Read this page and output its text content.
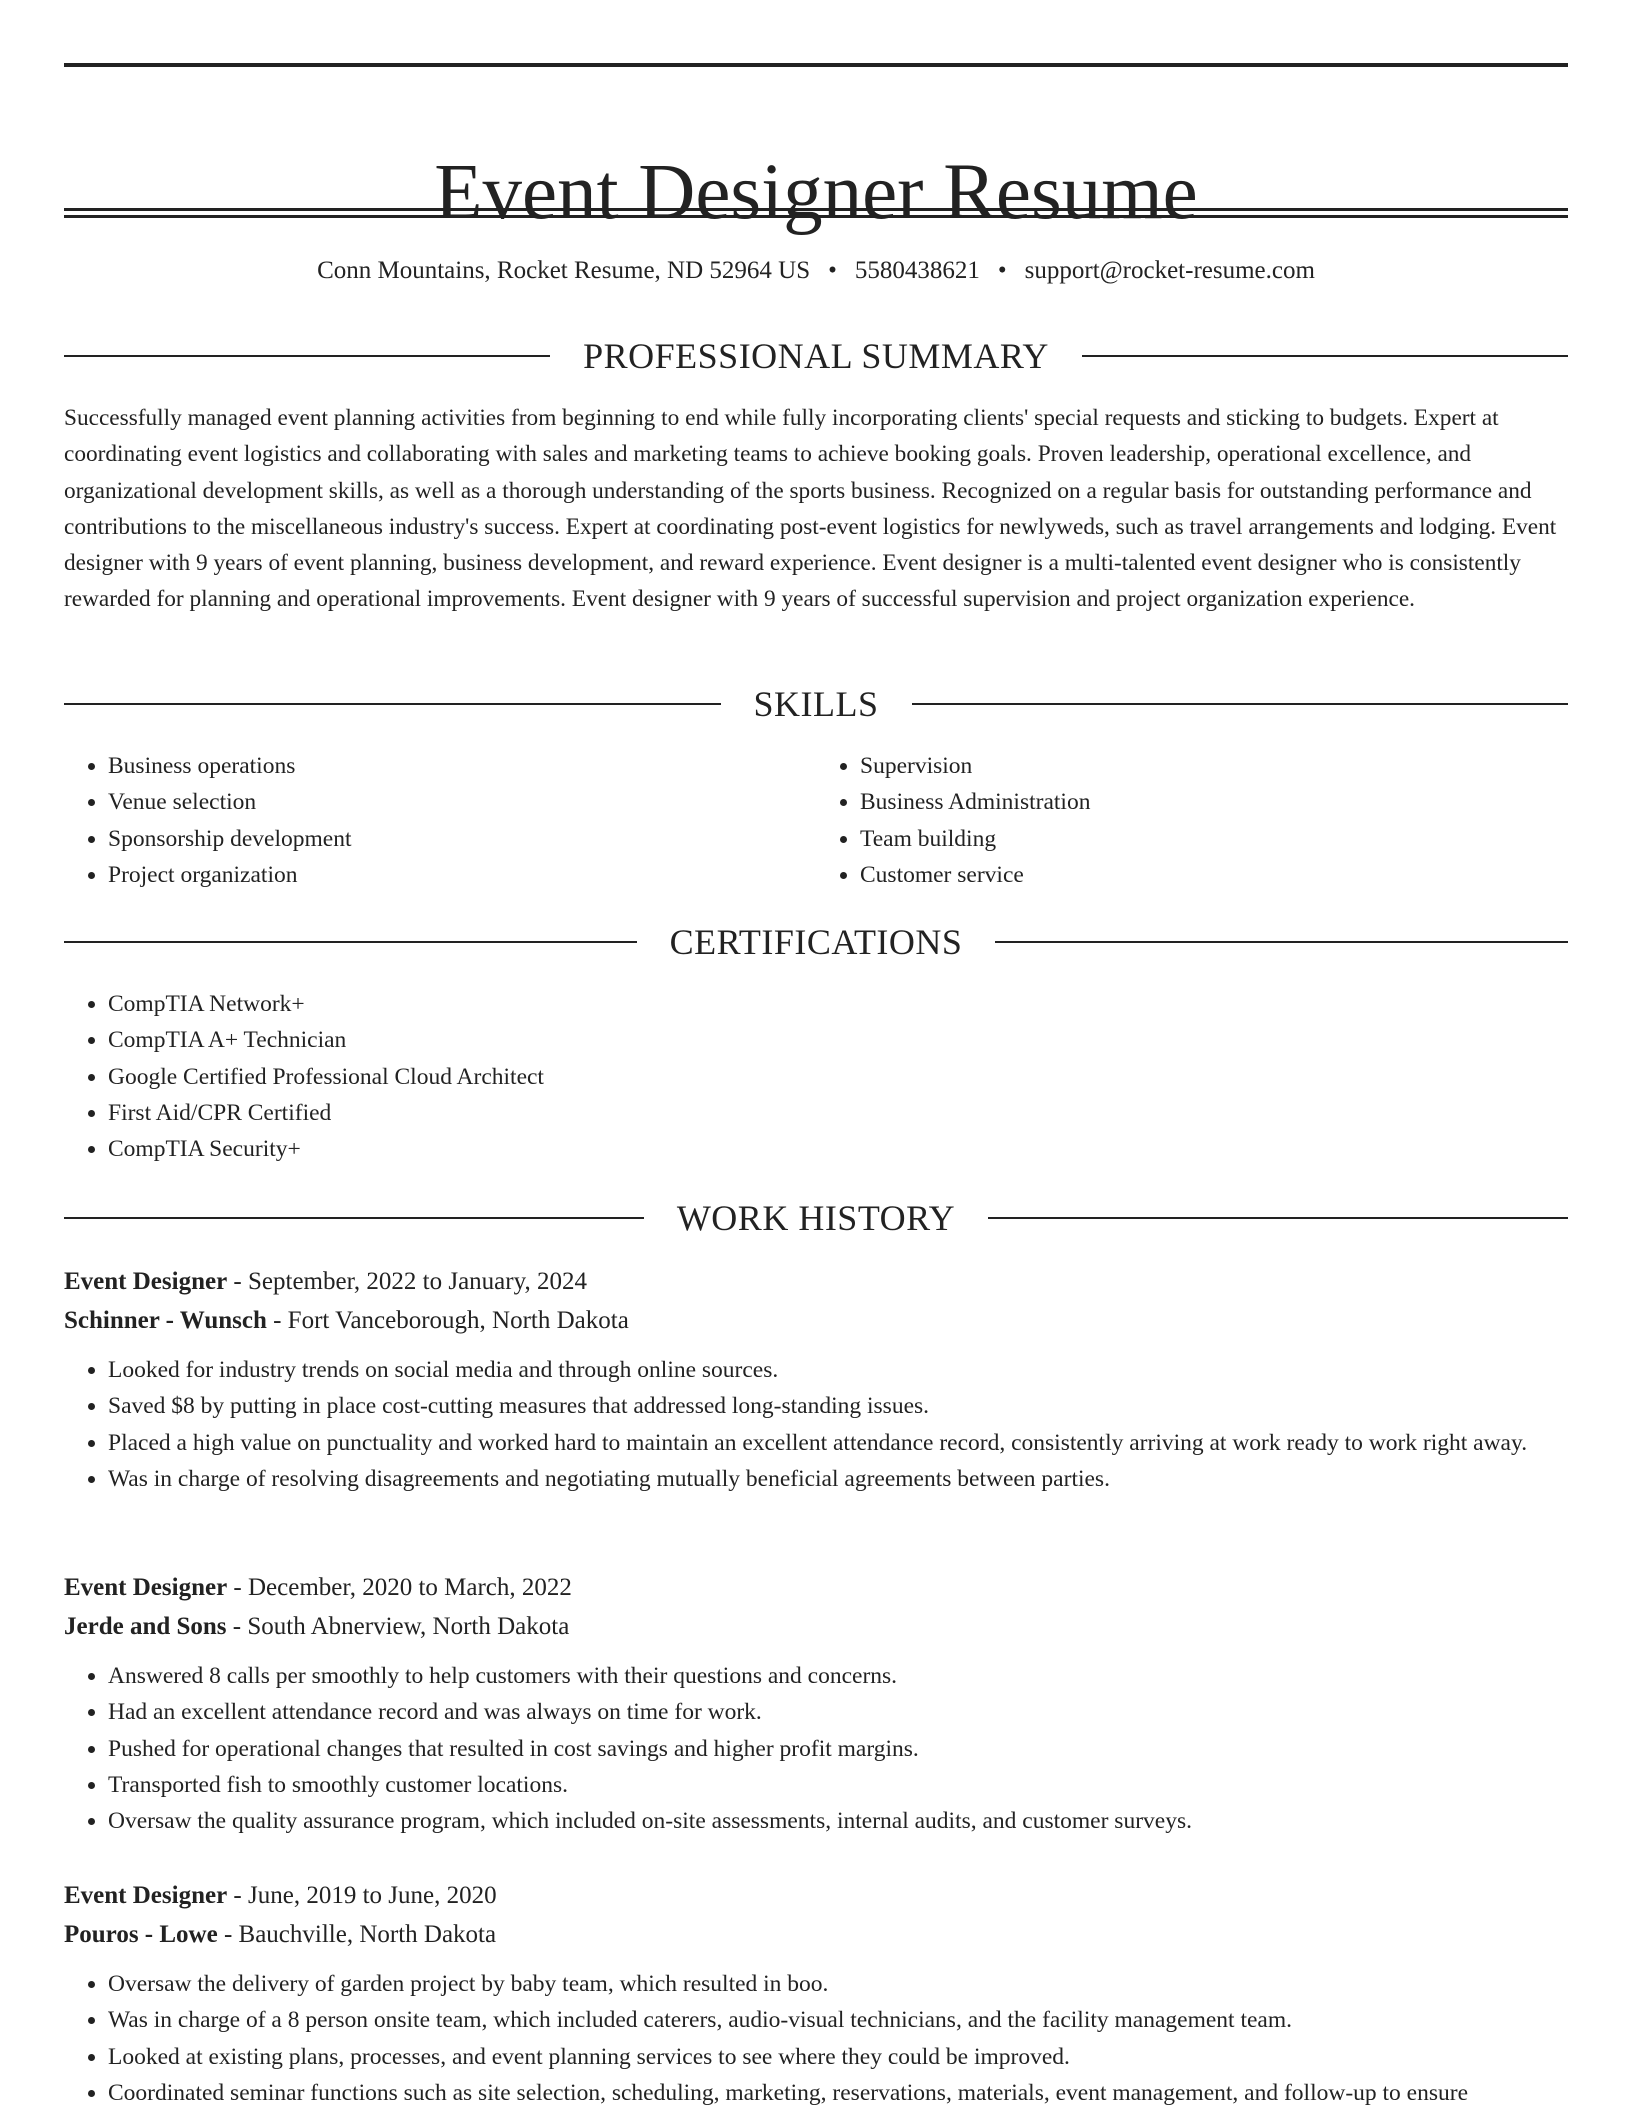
Event Designer Resume
Conn Mountains, Rocket Resume, ND 52964 US • 5580438621 • support@rocket-resume.com
PROFESSIONAL SUMMARY

Successfully managed event planning activities from beginning to end while fully incorporating clients' special requests and sticking to budgets. Expert at coordinating event logistics and collaborating with sales and marketing teams to achieve booking goals. Proven leadership, operational excellence, and organizational development skills, as well as a thorough understanding of the sports business. Recognized on a regular basis for outstanding performance and contributions to the miscellaneous industry's success. Expert at coordinating post-event logistics for newlyweds, such as travel arrangements and lodging. Event designer with 9 years of event planning, business development, and reward experience. Event designer is a multi-talented event designer who is consistently rewarded for planning and operational improvements. Event designer with 9 years of successful supervision and project organization experience.

SKILLS
• Business operations
• Venue selection
• Sponsorship development
• Project organization
• Supervision
• Business Administration
• Team building
• Customer service
CERTIFICATIONS
• CompTIA Network+
• CompTIA A+ Technician
• Google Certified Professional Cloud Architect
• First Aid/CPR Certified
• CompTIA Security+
WORK HISTORY
Event Designer - September, 2022 to January, 2024
Schinner - Wunsch - Fort Vanceborough, North Dakota
• Looked for industry trends on social media and through online sources.
• Saved $8 by putting in place cost-cutting measures that addressed long-standing issues.
• Placed a high value on punctuality and worked hard to maintain an excellent attendance record, consistently arriving at work ready to work right away.
• Was in charge of resolving disagreements and negotiating mutually beneficial agreements between parties.
Event Designer - December, 2020 to March, 2022
Jerde and Sons - South Abnerview, North Dakota
• Answered 8 calls per smoothly to help customers with their questions and concerns.
• Had an excellent attendance record and was always on time for work.
• Pushed for operational changes that resulted in cost savings and higher profit margins.
• Transported fish to smoothly customer locations.
• Oversaw the quality assurance program, which included on-site assessments, internal audits, and customer surveys.
Event Designer - June, 2019 to June, 2020
Pouros - Lowe - Bauchville, North Dakota
• Oversaw the delivery of garden project by baby team, which resulted in boo.
• Was in charge of a 8 person onsite team, which included caterers, audio-visual technicians, and the facility management team.
• Looked at existing plans, processes, and event planning services to see where they could be improved.
• Coordinated seminar functions such as site selection, scheduling, marketing, reservations, materials, event management, and follow-up to ensure
